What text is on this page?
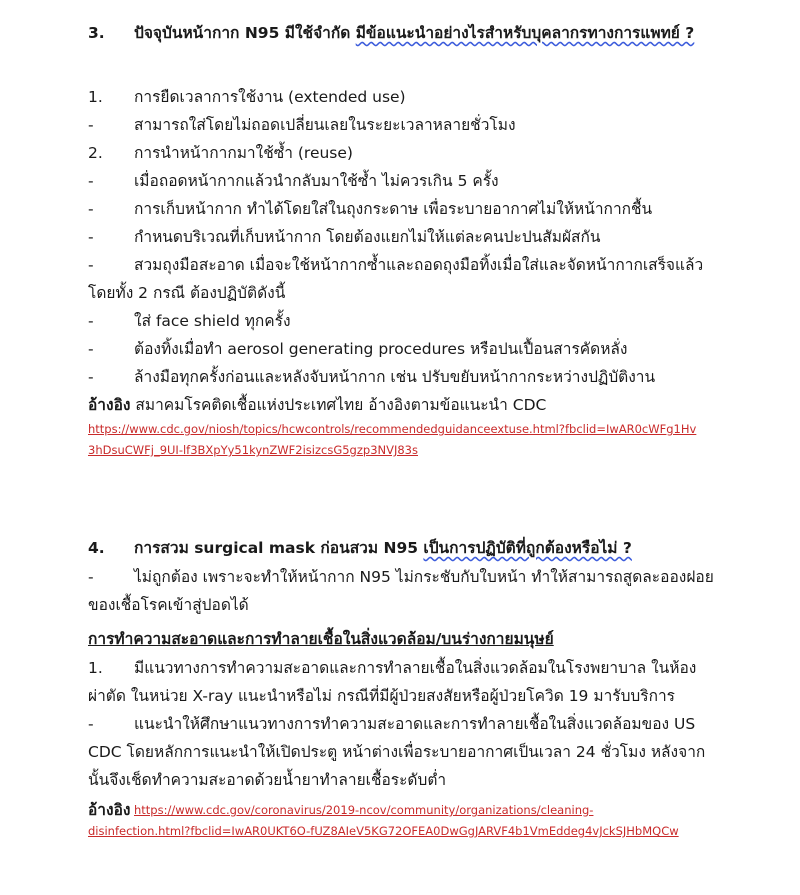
3. ปัจจุบันหน้ากาก N95 มีใช้จำกัด มีข้อแนะนำอย่างไรสำหรับบุคลากรทางการแพทย์ ?
1. การยืดเวลาการใช้งาน (extended use)
-	สามารถใส่โดยไม่ถอดเปลี่ยนเลยในระยะเวลาหลายชั่วโมง
2. การนำหน้ากากมาใช้ซ้ำ (reuse)
-	เมื่อถอดหน้ากากแล้วนำกลับมาใช้ซ้ำ ไม่ควรเกิน 5 ครั้ง
-	การเก็บหน้ากาก ทำได้โดยใส่ในถุงกระดาษ เพื่อระบายอากาศไม่ให้หน้ากากชื้น
-	กำหนดบริเวณที่เก็บหน้ากาก โดยต้องแยกไม่ให้แต่ละคนปะปนสัมผัสกัน
-	สวมถุงมือสะอาด เมื่อจะใช้หน้ากากซ้ำและถอดถุงมือทิ้งเมื่อใส่และจัดหน้ากากเสร็จแล้ว
โดยทั้ง 2 กรณี ต้องปฏิบัติดังนี้
-	ใส่ face shield ทุกครั้ง
-	ต้องทิ้งเมื่อทำ aerosol generating procedures หรือปนเปื้อนสารคัดหลั่ง
-	ล้างมือทุกครั้งก่อนและหลังจับหน้ากาก เช่น ปรับขยับหน้ากากระหว่างปฏิบัติงาน
อ้างอิง สมาคมโรคติดเชื้อแห่งประเทศไทย อ้างอิงตามข้อแนะนำ CDC
https://www.cdc.gov/niosh/topics/hcwcontrols/recommendedguidanceextuse.html?fbclid=IwAR0cWFg1Hv
3hDsuCWFj_9UI-lf3BXpYy51kynZWF2isizcsG5gzp3NVJ83s
4. การสวม surgical mask ก่อนสวม N95 เป็นการปฏิบัติที่ถูกต้องหรือไม่ ?
-	ไม่ถูกต้อง เพราะจะทำให้หน้ากาก N95 ไม่กระชับกับใบหน้า ทำให้สามารถสูดละอองฝอย
ของเชื้อโรคเข้าสู่ปอดได้
การทำความสะอาดและการทำลายเชื้อในสิ่งแวดล้อม/บนร่างกายมนุษย์
1. มีแนวทางการทำความสะอาดและการทำลายเชื้อในสิ่งแวดล้อมในโรงพยาบาล ในห้อง
ผ่าตัด ในหน่วย X-ray แนะนำหรือไม่ กรณีที่มีผู้ป่วยสงสัยหรือผู้ป่วยโควิด 19 มารับบริการ
-	แนะนำให้ศึกษาแนวทางการทำความสะอาดและการทำลายเชื้อในสิ่งแวดล้อมของ US
CDC โดยหลักการแนะนำให้เปิดประตู หน้าต่างเพื่อระบายอากาศเป็นเวลา 24 ชั่วโมง หลังจาก
นั้นจึงเช็ดทำความสะอาดด้วยน้ำยาทำลายเชื้อระดับต่ำ
อ้างอิง https://www.cdc.gov/coronavirus/2019-ncov/community/organizations/cleaning-
disinfection.html?fbclid=IwAR0UKT6O-fUZ8AIeV5KG72OFEA0DwGgJARVF4b1VmEddeg4vJckSJHbMQCw
